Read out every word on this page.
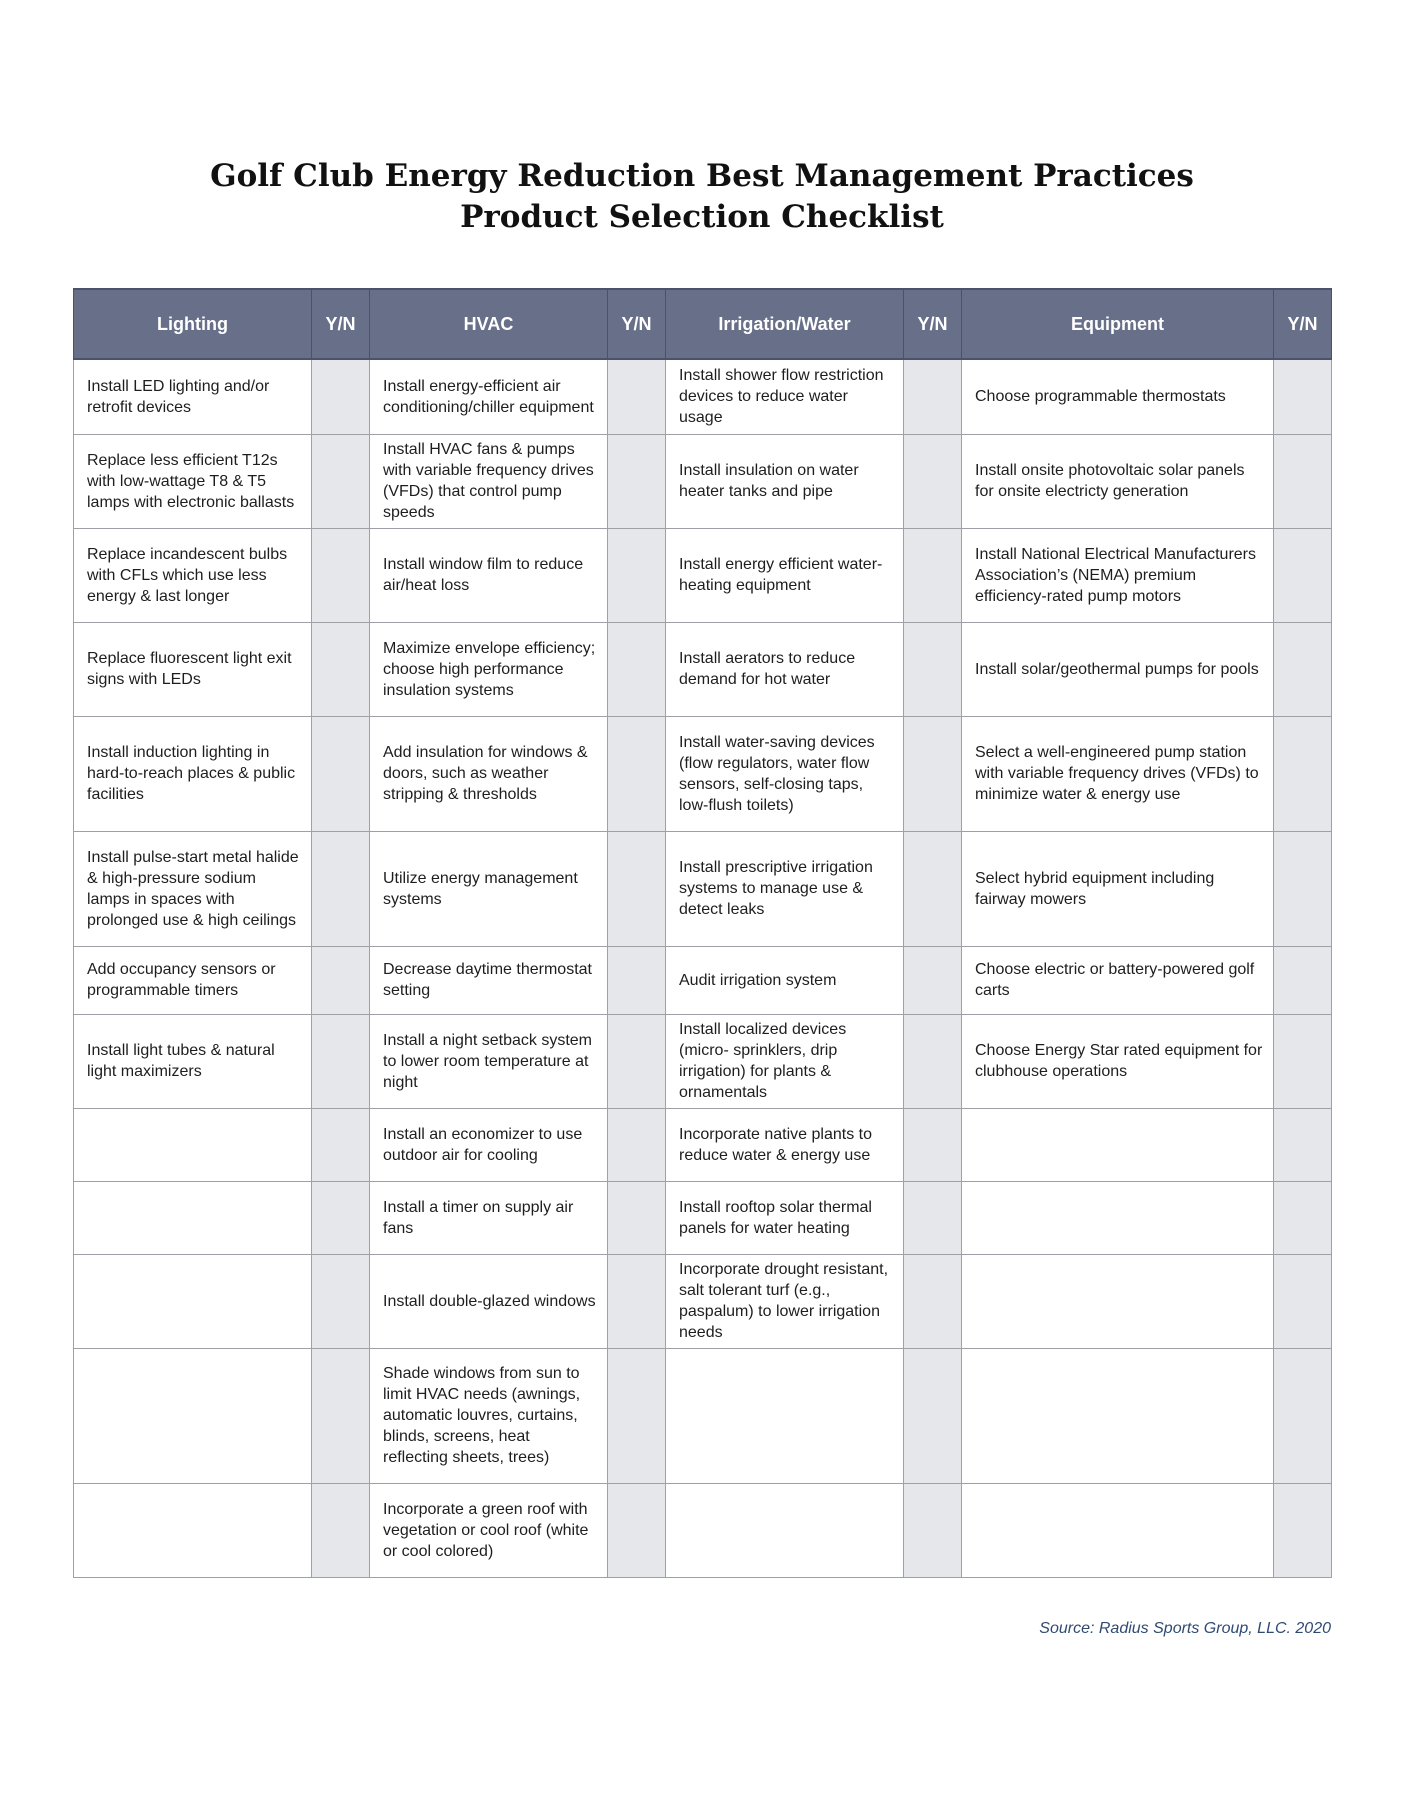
Golf Club Energy Reduction Best Management Practices
Product Selection Checklist
Lighting	Y/N	HVAC	Y/N	Irrigation/Water	Y/N	Equipment	Y/N
Install LED lighting and/or retrofit devices		Install energy-efficient air conditioning/chiller equipment		Install shower flow restriction devices to reduce water usage		Choose programmable thermostats	
Replace less efficient T12s with low-wattage T8 & T5 lamps with electronic ballasts		Install HVAC fans & pumps with variable frequency drives (VFDs) that control pump speeds		Install insulation on water heater tanks and pipe		Install onsite photovoltaic solar panels for onsite electricty generation	
Replace incandescent bulbs with CFLs which use less energy & last longer		Install window film to reduce air/heat loss		Install energy efficient water-heating equipment		Install National Electrical Manufacturers Association’s (NEMA) premium efficiency-rated pump motors	
Replace fluorescent light exit signs with LEDs		Maximize envelope efficiency; choose high performance insulation systems		Install aerators to reduce demand for hot water		Install solar/geothermal pumps for pools	
Install induction lighting in hard-to-reach places & public facilities		Add insulation for windows & doors, such as weather stripping & thresholds		Install water-saving devices (flow regulators, water flow sensors, self-closing taps, low-flush toilets)		Select a well-engineered pump station with variable frequency drives (VFDs) to minimize water & energy use	
Install pulse-start metal halide & high-pressure sodium lamps in spaces with prolonged use & high ceilings		Utilize energy management systems		Install prescriptive irrigation systems to manage use & detect leaks		Select hybrid equipment including fairway mowers	
Add occupancy sensors or programmable timers		Decrease daytime thermostat setting		Audit irrigation system		Choose electric or battery-powered golf carts	
Install light tubes & natural light maximizers		Install a night setback system to lower room temperature at night		Install localized devices (micro- sprinklers, drip irrigation) for plants & ornamentals		Choose Energy Star rated equipment for clubhouse operations	
		Install an economizer to use outdoor air for cooling		Incorporate native plants to reduce water & energy use			
		Install a timer on supply air fans		Install rooftop solar thermal panels for water heating			
		Install double-glazed windows		Incorporate drought resistant, salt tolerant turf (e.g., paspalum) to lower irrigation needs			
		Shade windows from sun to limit HVAC needs (awnings, automatic louvres, curtains, blinds, screens, heat reflecting sheets, trees)					
		Incorporate a green roof with vegetation or cool roof (white or cool colored)					
Source: Radius Sports Group, LLC. 2020
